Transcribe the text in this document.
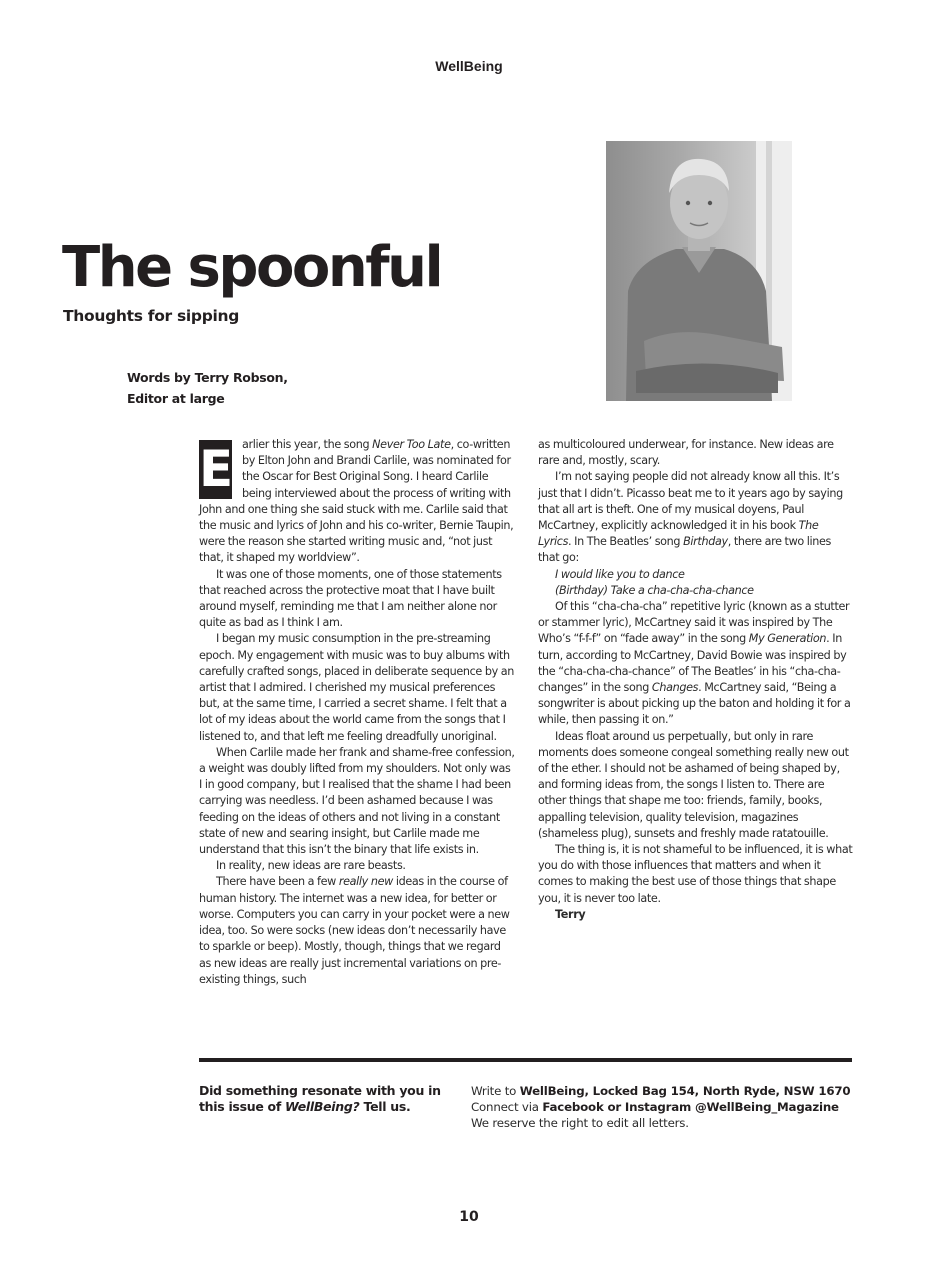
WellBeing
The spoonful
Thoughts for sipping
Words by Terry Robson,
Editor at large
E arlier this year, the song Never Too Late, co-written by Elton John and Brandi Carlile, was nominated for the Oscar for Best Original Song. I heard Carlile being interviewed about the process of writing with John and one thing she said stuck with me. Carlile said that the music and lyrics of John and his co-writer, Bernie Taupin, were the reason she started writing music and, “not just that, it shaped my worldview”.

It was one of those moments, one of those statements that reached across the protective moat that I have built around myself, reminding me that I am neither alone nor quite as bad as I think I am.

I began my music consumption in the pre-streaming epoch. My engagement with music was to buy albums with carefully crafted songs, placed in deliberate sequence by an artist that I admired. I cherished my musical preferences but, at the same time, I carried a secret shame. I felt that a lot of my ideas about the world came from the songs that I listened to, and that left me feeling dreadfully unoriginal.

When Carlile made her frank and shame-free confession, a weight was doubly lifted from my shoulders. Not only was I in good company, but I realised that the shame I had been carrying was needless. I’d been ashamed because I was feeding on the ideas of others and not living in a constant state of new and searing insight, but Carlile made me understand that this isn’t the binary that life exists in.

In reality, new ideas are rare beasts.

There have been a few really new ideas in the course of human history. The internet was a new idea, for better or worse. Computers you can carry in your pocket were a new idea, too. So were socks (new ideas don’t necessarily have to sparkle or beep). Mostly, though, things that we regard as new ideas are really just incremental variations on pre-existing things, such

as multicoloured underwear, for instance. New ideas are rare and, mostly, scary.

I’m not saying people did not already know all this. It’s just that I didn’t. Picasso beat me to it years ago by saying that all art is theft. One of my musical doyens, Paul McCartney, explicitly acknowledged it in his book The Lyrics. In The Beatles’ song Birthday, there are two lines that go:

I would like you to dance

(Birthday) Take a cha-cha-cha-chance

Of this “cha-cha-cha” repetitive lyric (known as a stutter or stammer lyric), McCartney said it was inspired by The Who’s “f-f-f” on “fade away” in the song My Generation. In turn, according to McCartney, David Bowie was inspired by the “cha-cha-cha-chance” of The Beatles’ in his “cha-cha-changes” in the song Changes. McCartney said, “Being a songwriter is about picking up the baton and holding it for a while, then passing it on.”

Ideas float around us perpetually, but only in rare moments does someone congeal something really new out of the ether. I should not be ashamed of being shaped by, and forming ideas from, the songs I listen to. There are other things that shape me too: friends, family, books, appalling television, quality television, magazines (shameless plug), sunsets and freshly made ratatouille.

The thing is, it is not shameful to be influenced, it is what you do with those influences that matters and when it comes to making the best use of those things that shape you, it is never too late.

Terry

Did something resonate with you in this issue of WellBeing? Tell us.
Write to WellBeing, Locked Bag 154, North Ryde, NSW 1670
Connect via Facebook or Instagram @WellBeing_Magazine
We reserve the right to edit all letters.
10
